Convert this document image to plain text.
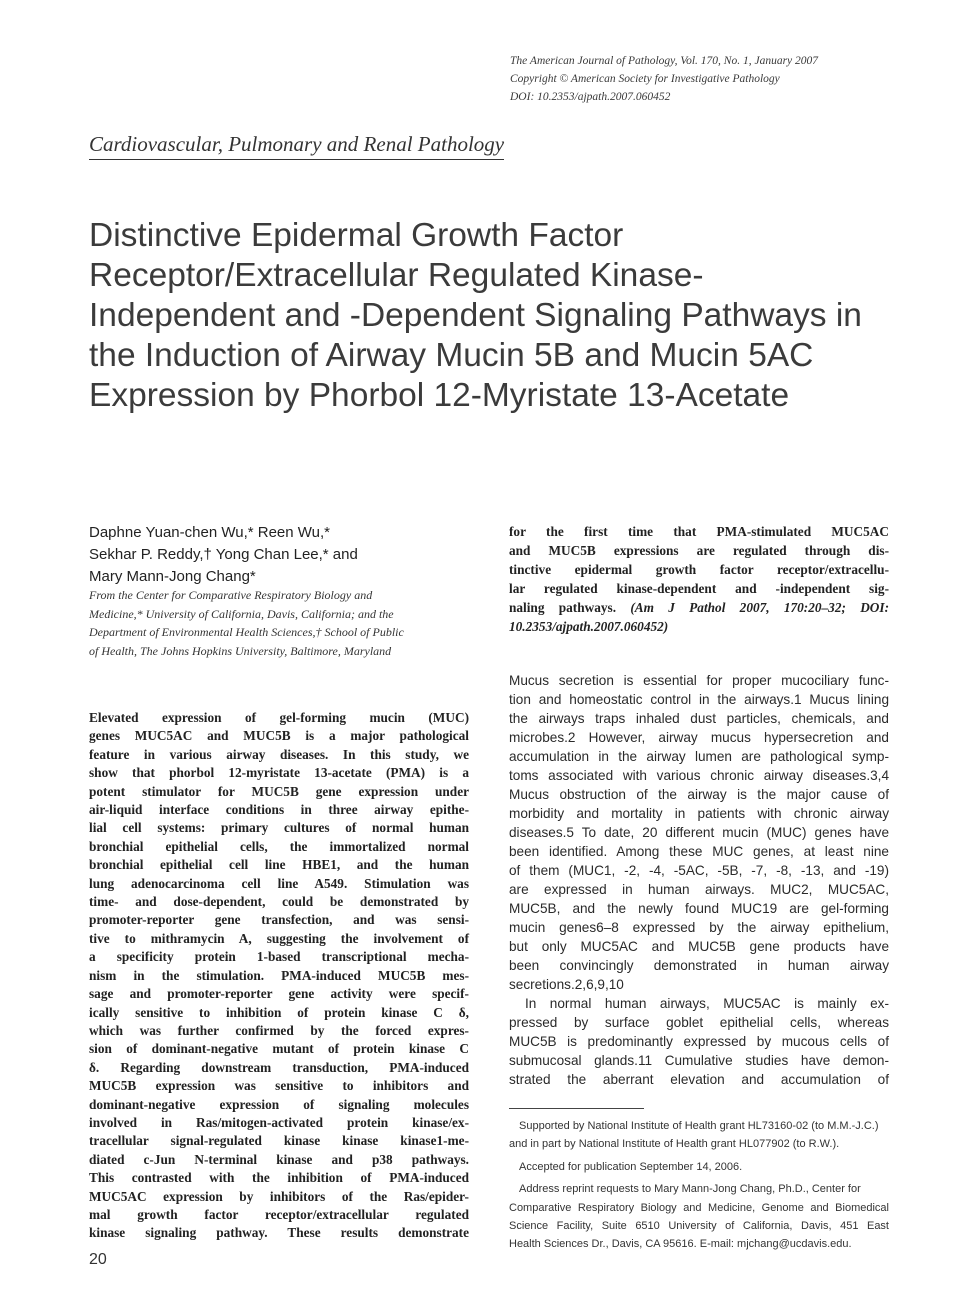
The American Journal of Pathology, Vol. 170, No. 1, January 2007
Copyright © American Society for Investigative Pathology
DOI: 10.2353/ajpath.2007.060452
Cardiovascular, Pulmonary and Renal Pathology
Distinctive Epidermal Growth Factor
Receptor/Extracellular Regulated Kinase-
Independent and -Dependent Signaling Pathways in
the Induction of Airway Mucin 5B and Mucin 5AC
Expression by Phorbol 12-Myristate 13-Acetate
Daphne Yuan-chen Wu,* Reen Wu,*
Sekhar P. Reddy,† Yong Chan Lee,* and
Mary Mann-Jong Chang*
From the Center for Comparative Respiratory Biology and
Medicine,* University of California, Davis, California; and the
Department of Environmental Health Sciences,† School of Public
of Health, The Johns Hopkins University, Baltimore, Maryland
Elevated expression of gel-forming mucin (MUC)
genes MUC5AC and MUC5B is a major pathological
feature in various airway diseases. In this study, we
show that phorbol 12-myristate 13-acetate (PMA) is a
potent stimulator for MUC5B gene expression under
air-liquid interface conditions in three airway epithe-
lial cell systems: primary cultures of normal human
bronchial epithelial cells, the immortalized normal
bronchial epithelial cell line HBE1, and the human
lung adenocarcinoma cell line A549. Stimulation was
time- and dose-dependent, could be demonstrated by
promoter-reporter gene transfection, and was sensi-
tive to mithramycin A, suggesting the involvement of
a specificity protein 1-based transcriptional mecha-
nism in the stimulation. PMA-induced MUC5B mes-
sage and promoter-reporter gene activity were specif-
ically sensitive to inhibition of protein kinase C δ,
which was further confirmed by the forced expres-
sion of dominant-negative mutant of protein kinase C
δ. Regarding downstream transduction, PMA-induced
MUC5B expression was sensitive to inhibitors and
dominant-negative expression of signaling molecules
involved in Ras/mitogen-activated protein kinase/ex-
tracellular signal-regulated kinase kinase kinase1-me-
diated c-Jun N-terminal kinase and p38 pathways.
This contrasted with the inhibition of PMA-induced
MUC5AC expression by inhibitors of the Ras/epider-
mal growth factor receptor/extracellular regulated
kinase signaling pathway. These results demonstrate
for the first time that PMA-stimulated MUC5AC
and MUC5B expressions are regulated through dis-
tinctive epidermal growth factor receptor/extracellu-
lar regulated kinase-dependent and -independent sig-
naling pathways. (Am J Pathol 2007, 170:20–32; DOI:
10.2353/ajpath.2007.060452)
Mucus secretion is essential for proper mucociliary func-
tion and homeostatic control in the airways.1 Mucus lining
the airways traps inhaled dust particles, chemicals, and
microbes.2 However, airway mucus hypersecretion and
accumulation in the airway lumen are pathological symp-
toms associated with various chronic airway diseases.3,4
Mucus obstruction of the airway is the major cause of
morbidity and mortality in patients with chronic airway
diseases.5 To date, 20 different mucin (MUC) genes have
been identified. Among these MUC genes, at least nine
of them (MUC1, -2, -4, -5AC, -5B, -7, -8, -13, and -19)
are expressed in human airways. MUC2, MUC5AC,
MUC5B, and the newly found MUC19 are gel-forming
mucin genes6–8 expressed by the airway epithelium,
but only MUC5AC and MUC5B gene products have
been convincingly demonstrated in human airway
secretions.2,6,9,10
In normal human airways, MUC5AC is mainly ex-
pressed by surface goblet epithelial cells, whereas
MUC5B is predominantly expressed by mucous cells of
submucosal glands.11 Cumulative studies have demon-
strated the aberrant elevation and accumulation of
Supported by National Institute of Health grant HL73160-02 (to M.M.-J.C.)
and in part by National Institute of Health grant HL077902 (to R.W.).
Accepted for publication September 14, 2006.
Address reprint requests to Mary Mann-Jong Chang, Ph.D., Center for
Comparative Respiratory Biology and Medicine, Genome and Biomedical
Science Facility, Suite 6510 University of California, Davis, 451 East
Health Sciences Dr., Davis, CA 95616. E-mail: mjchang@ucdavis.edu.
20
